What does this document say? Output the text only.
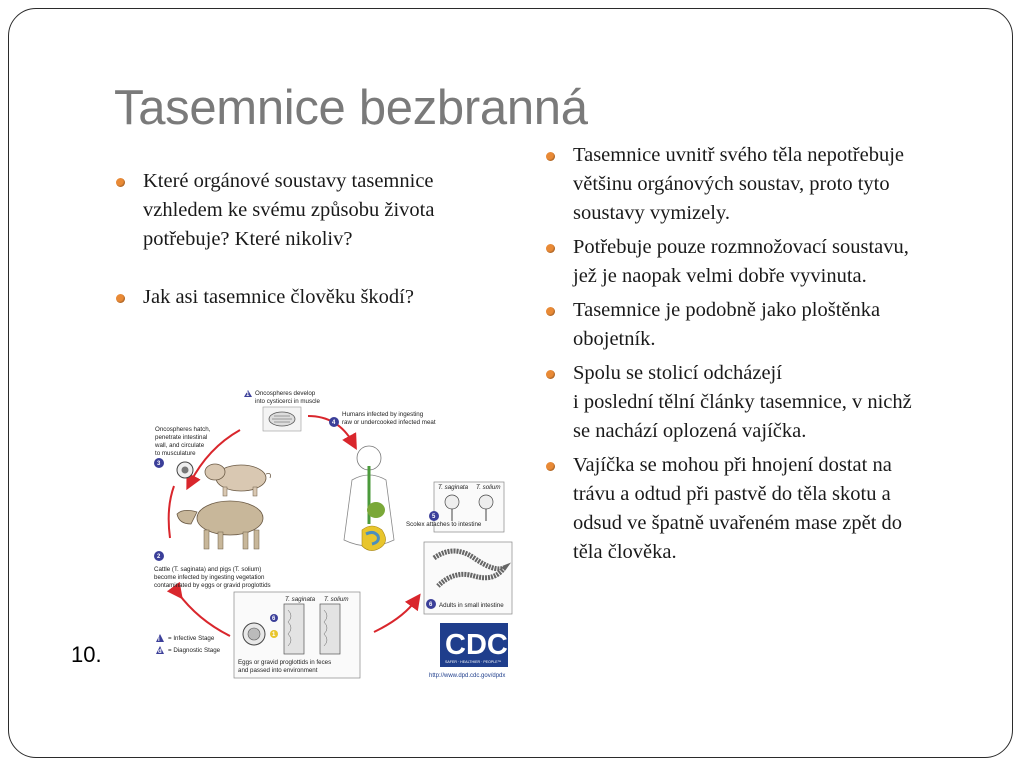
Tasemnice bezbranná
Které orgánové soustavy tasemnice
vzhledem ke svému způsobu života
potřebuje? Které nikoliv?
Jak asi tasemnice člověku škodí?
Tasemnice uvnitř svého těla nepotřebuje
většinu orgánových soustav, proto tyto
soustavy vymizely.
Potřebuje pouze rozmnožovací soustavu,
jež je naopak velmi dobře vyvinuta.
Tasemnice je podobně jako ploštěnka
obojetník.
Spolu se stolicí odcházejí
i poslední tělní články tasemnice, v nichž
se nachází oplozená vajíčka.
Vajíčka se mohou při hnojení dostat na
trávu a odtud při pastvě do těla skotu a
odsud ve špatně uvařeném mase zpět do
těla člověka.
10.
1 Oncospheres develop
into cysticerci in muscle
Oncospheres hatch,
penetrate intestinal
wall, and circulate
to musculature
3
2
Cattle (T. saginata) and pigs (T. solium)
become infected by ingesting vegetation
contaminated by eggs or gravid proglottids
i = Infective Stage
d = Diagnostic Stage
T. saginata T. solium
6
1
Eggs or gravid proglottids in feces
and passed into environment
4
Humans infected by ingesting
raw or undercooked infected meat
T. saginata T. solium
5
Scolex attaches to intestine
6 Adults in small intestine
CDC
SAFER · HEALTHIER · PEOPLE™
http://www.dpd.cdc.gov/dpdx
